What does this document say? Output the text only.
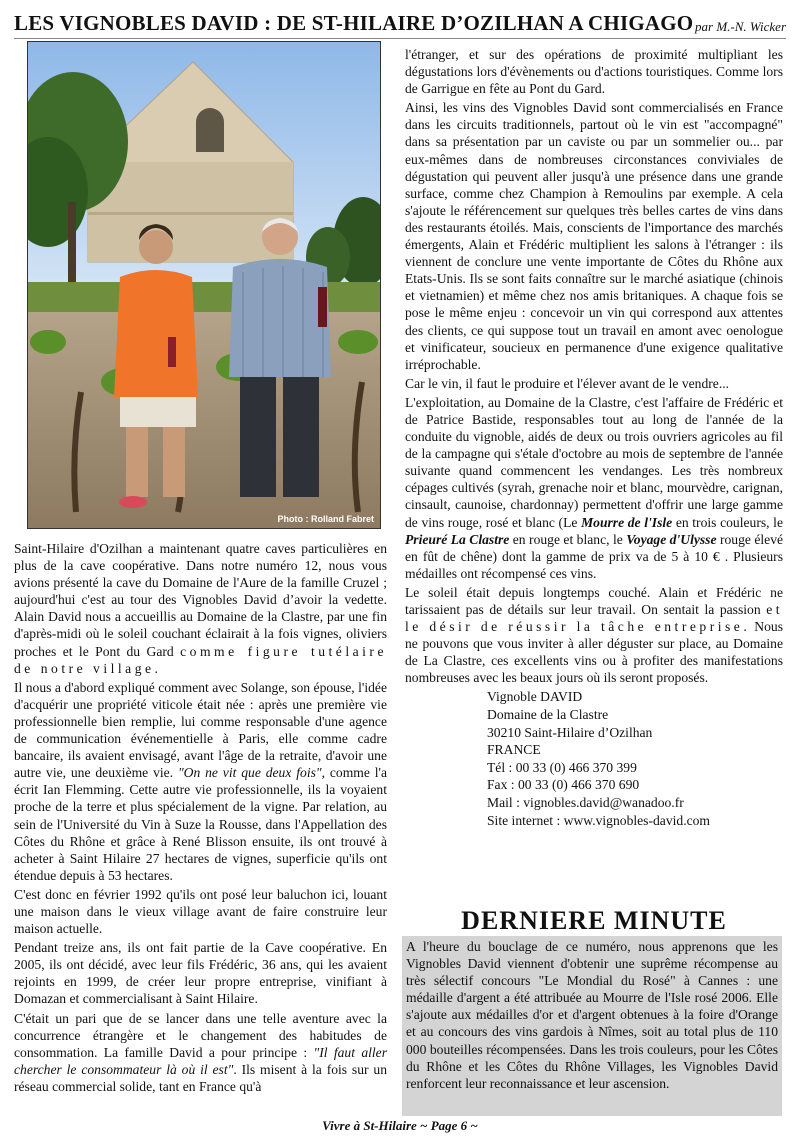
LES VIGNOBLES DAVID : DE ST-HILAIRE D’OZILHAN A CHIGAGO par M.-N. Wicker
Photo : Rolland Fabret

Saint-Hilaire d'Ozilhan a maintenant quatre caves particulières en plus de la cave coopérative. Dans notre numéro 12, nous vous avions présenté la cave du Domaine de l'Aure de la famille Cruzel ; aujourd'hui c'est au tour des Vignobles David d’avoir la vedette. Alain David nous a accueillis au Domaine de la Clastre, par une fin d'après-midi où le soleil couchant éclairait à la fois vignes, oliviers proches et le Pont du Gard comme figure tutélaire de notre village.

Il nous a d'abord expliqué comment avec Solange, son épouse, l'idée d'acquérir une propriété viticole était née : après une première vie professionnelle bien remplie, lui comme responsable d'une agence de communication événementielle à Paris, elle comme cadre bancaire, ils avaient envisagé, avant l'âge de la retraite, d'avoir une autre vie, une deuxième vie. "On ne vit que deux fois", comme l'a écrit Ian Flemming. Cette autre vie professionnelle, ils la voyaient proche de la terre et plus spécialement de la vigne. Par relation, au sein de l'Université du Vin à Suze la Rousse, dans l'Appellation des Côtes du Rhône et grâce à René Blisson ensuite, ils ont trouvé à acheter à Saint Hilaire 27 hectares de vignes, superficie qu'ils ont étendue depuis à 53 hectares.

C'est donc en février 1992 qu'ils ont posé leur baluchon ici, louant une maison dans le vieux village avant de faire construire leur maison actuelle.

Pendant treize ans, ils ont fait partie de la Cave coopérative. En 2005, ils ont décidé, avec leur fils Frédéric, 36 ans, qui les avaient rejoints en 1999, de créer leur propre entreprise, vinifiant à Domazan et commercialisant à Saint Hilaire.

C'était un pari que de se lancer dans une telle aventure avec la concurrence étrangère et le changement des habitudes de consommation. La famille David a pour principe : "Il faut aller chercher le consommateur là où il est". Ils misent à la fois sur un réseau commercial solide, tant en France qu'à

l'étranger, et sur des opérations de proximité multipliant les dégustations lors d'évènements ou d'actions touristiques. Comme lors de Garrigue en fête au Pont du Gard.

Ainsi, les vins des Vignobles David sont commercialisés en France dans les circuits traditionnels, partout où le vin est "accompagné" dans sa présentation par un caviste ou par un sommelier ou... par eux-mêmes dans de nombreuses circonstances conviviales de dégustation qui peuvent aller jusqu'à une présence dans une grande surface, comme chez Champion à Remoulins par exemple. A cela s'ajoute le référencement sur quelques très belles cartes de vins dans des restaurants étoilés. Mais, conscients de l'importance des marchés émergents, Alain et Frédéric multiplient les salons à l'étranger : ils viennent de conclure une vente importante de Côtes du Rhône aux Etats-Unis. Ils se sont faits connaître sur le marché asiatique (chinois et vietnamien) et même chez nos amis britaniques. A chaque fois se pose le même enjeu : concevoir un vin qui correspond aux attentes des clients, ce qui suppose tout un travail en amont avec oenologue et vinificateur, soucieux en permanence d'une exigence qualitative irréprochable.

Car le vin, il faut le produire et l'élever avant de le vendre...

L'exploitation, au Domaine de la Clastre, c'est l'affaire de Frédéric et de Patrice Bastide, responsables tout au long de l'année de la conduite du vignoble, aidés de deux ou trois ouvriers agricoles au fil de la campagne qui s'étale d'octobre au mois de septembre de l'année suivante quand commencent les vendanges. Les très nombreux cépages cultivés (syrah, grenache noir et blanc, mourvèdre, carignan, cinsault, caunoise, chardonnay) permettent d'offrir une large gamme de vins rouge, rosé et blanc (Le Mourre de l'Isle en trois couleurs, le Prieuré La Clastre en rouge et blanc, le Voyage d'Ulysse rouge élevé en fût de chêne) dont la gamme de prix va de 5 à 10 € . Plusieurs médailles ont récompensé ces vins.

Le soleil était depuis longtemps couché. Alain et Frédéric ne tarissaient pas de détails sur leur travail. On sentait la passion et le désir de réussir la tâche entreprise. Nous ne pouvons que vous inviter à aller déguster sur place, au Domaine de La Clastre, ces excellents vins ou à profiter des manifestations nombreuses avec les beaux jours où ils seront proposés.

Vignoble DAVID
Domaine de la Clastre
30210 Saint-Hilaire d’Ozilhan
FRANCE
Tél : 00 33 (0) 466 370 399
Fax : 00 33 (0) 466 370 690
Mail : vignobles.david@wanadoo.fr
Site internet : www.vignobles-david.com
DERNIERE MINUTE
A l'heure du bouclage de ce numéro, nous apprenons que les Vignobles David viennent d'obtenir une suprême récompense au très sélectif concours "Le Mondial du Rosé" à Cannes : une médaille d'argent a été attribuée au Mourre de l'Isle rosé 2006. Elle s'ajoute aux médailles d'or et d'argent obtenues à la foire d'Orange et au concours des vins gardois à Nîmes, soit au total plus de 110 000 bouteilles récompensées. Dans les trois couleurs, pour les Côtes du Rhône et les Côtes du Rhône Villages, les Vignobles David renforcent leur reconnaissance et leur ascension.
Vivre à St-Hilaire ~ Page 6 ~
